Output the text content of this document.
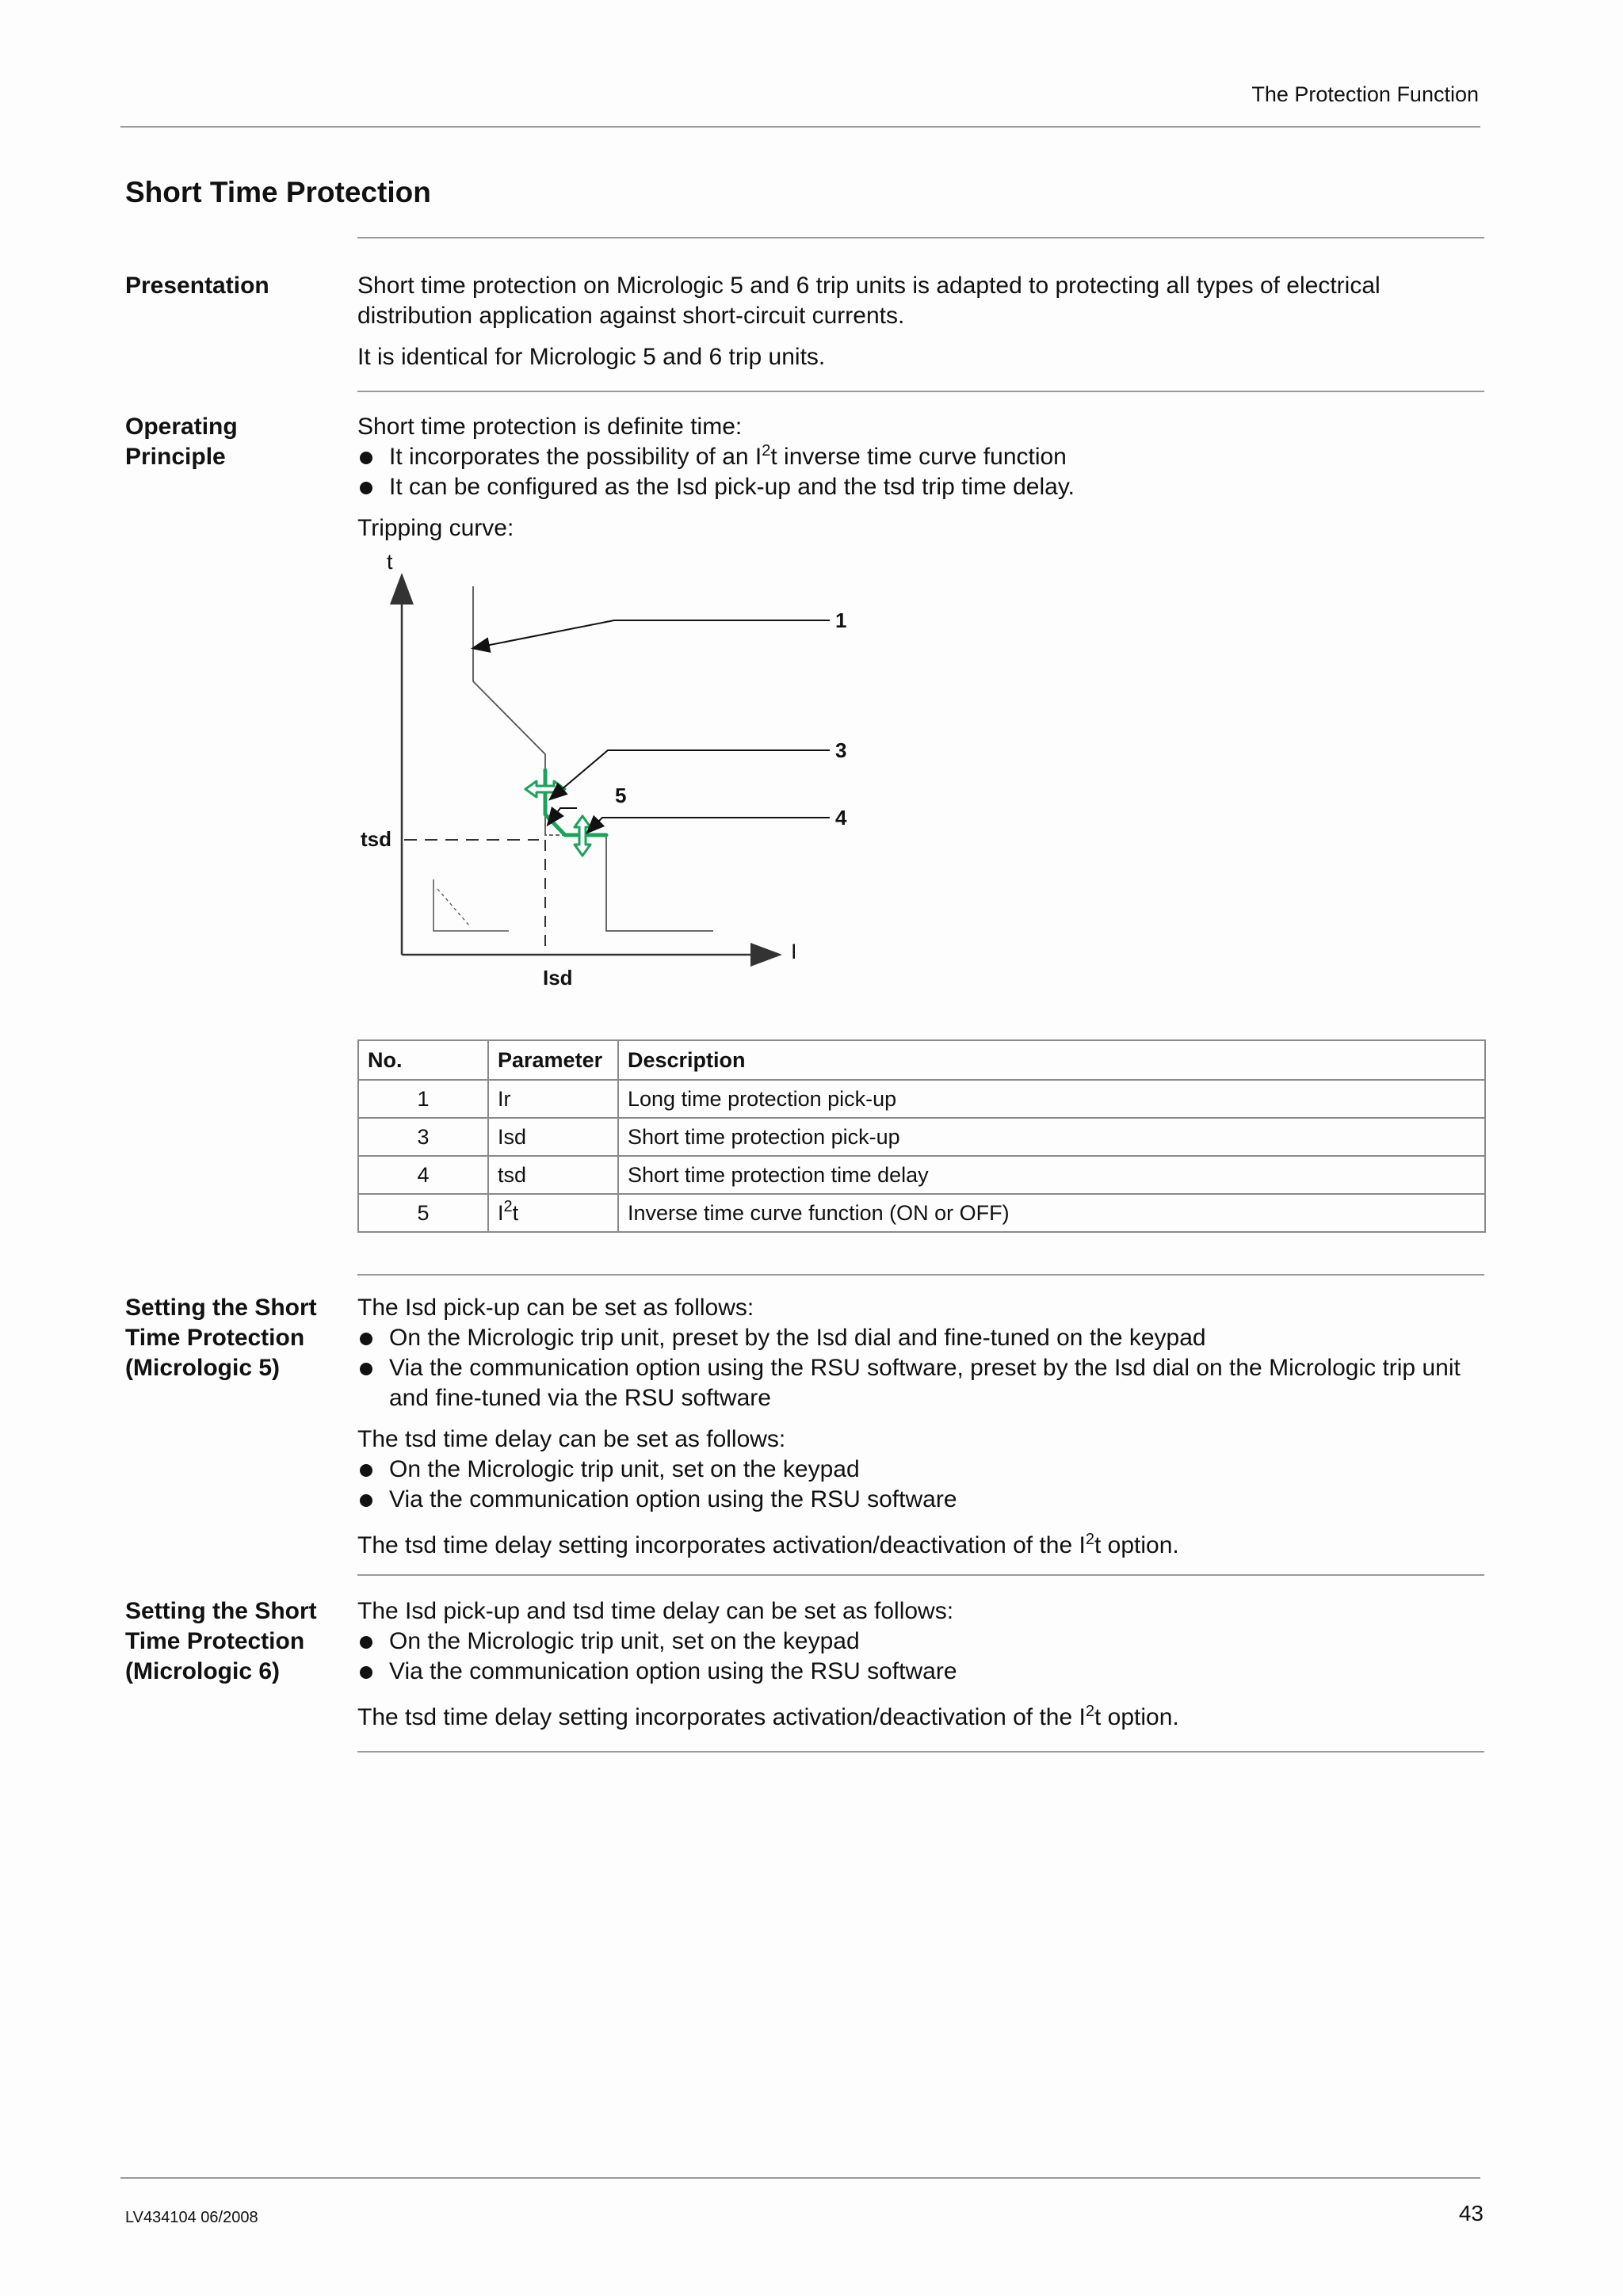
The Protection Function
Short Time Protection
Presentation	Short time protection on Micrologic 5 and 6 trip units is adapted to protecting all types of electrical distribution application against short-circuit currents.

It is identical for Micrologic 5 and 6 trip units.

Operating
Principle

Short time protection is definite time:

It incorporates the possibility of an $I^2t$ inverse time curve function
It can be configured as the Isd pick-up and the tsd trip time delay.

Tripping curve:

t
I
tsd
Isd
1
3
4
5
No.	Parameter	Description
1	Ir	Long time protection pick-up
3	Isd	Short time protection pick-up
4	tsd	Short time protection time delay
5	$I^2t$	Inverse time curve function (ON or OFF)
Setting the Short
Time Protection
(Micrologic 5)

The Isd pick-up can be set as follows:

On the Micrologic trip unit, preset by the Isd dial and fine-tuned on the keypad
Via the communication option using the RSU software, preset by the Isd dial on the Micrologic trip unit and fine-tuned via the RSU software

The tsd time delay can be set as follows:

On the Micrologic trip unit, set on the keypad
Via the communication option using the RSU software

The tsd time delay setting incorporates activation/deactivation of the $I^2t$ option.

Setting the Short
Time Protection
(Micrologic 6)

The Isd pick-up and tsd time delay can be set as follows:

On the Micrologic trip unit, set on the keypad
Via the communication option using the RSU software

The tsd time delay setting incorporates activation/deactivation of the $I^2t$ option.

LV434104 06/2008	43
